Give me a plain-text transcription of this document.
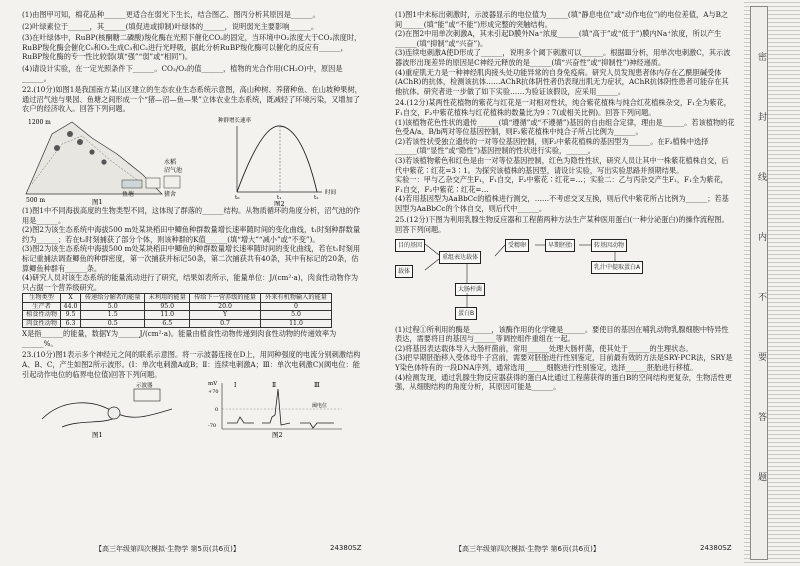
(1)由图甲可知，棉花品种______更适合在弱光下生长，结合图乙、图丙分析其原因是______。

(2)叶绿素位于______，其______(填促进或抑制)叶绿体的______，说明弱光主要影响______。

(3)在叶绿体中，RuBP(核酮糖二磷酸)羧化酶在光照下催化CO₂的固定，当环境中O₂浓度大于CO₂浓度时，RuBP羧化酶会催化C₅和O₂生成C₃和C₂进行光呼吸，据此分析RuBP羧化酶可以催化的反应有______，RuBP羧化酶的专一性比较弱(填“强”“弱”或“相同”)。

(4)请设计实验，在一定光照条件下______。CO₂/O₂的值______，植物的光合作用(CH₂O)中，原因是______。

22.(10分)如图1是我国南方某山区建立的生态农业生态系统示意图，高山种树、养猪种鱼、在山坡种果树，通过沼气池与果园、鱼塘之间形成一个“猪—沼—鱼—果”立体农业生态系统，既减轻了环境污染，又增加了农户的经济收入。回答下列问题。

1200 m
500 m
水稻
沼气池
鱼塘	猪舍
图1
种群增长速率
t₀	t₁	t₂
时间
图2

(1)图1中不同海拔高度的生物类型不同，这体现了群落的______结构。从物质循环的角度分析，沼气池的作用是______。

(2)图2为该生态系统中海拔500 m处某块稻田中鲫鱼种群数量增长速率随时间的变化曲线，t₁时刻种群数量约为______；若在t₂时刻捕获了部分个体，则该种群的K值______(填“增大”“减小”或“不变”)。

(3)图2为该生态系统中海拔500 m处某块稻田中鲫鱼的种群数量增长速率随时间的变化曲线，若在t₁时刻用标记重捕法调查鲫鱼的种群密度，第一次捕获并标记50条，第二次捕获共有40条，其中有标记的20条，估算鲫鱼种群有______条。

(4)研究人员对该生态系统的能量流动进行了研究，结果如表所示，能量单位：J/(cm²·a)，肉食性动物作为只占据一个营养级研究。

生物类型	X	传递给分解者的能量	未利用的能量	传给下一营养级的能量	外来有机物输入的能量
生产者	44.0	5.0	95.0	20.0	0
植食性动物	9.5	1.5	11.0	Y	5.0
肉食性动物	6.3	0.5	6.5	0.7	11.0

X是指______的能量，数据Y为______J/(cm²·a)。能量由植食性动物传递到肉食性动物的传递效率为______%。

23.(10分)图1表示多个神经元之间的联系示意图。将一示波器连接在D上，用同种强度的电流分别刺激结构A、B、C，产生如图2所示波形。(Ⅰ：单次电刺激A或B；Ⅱ：连续电刺激A；Ⅲ：单次电刺激C)(阈电位：能引起动作电位的临界电位值)回答下列问题。

示波器
图1
mV
+70
0
-70
Ⅰ	Ⅱ	Ⅲ
阈电位
图2

(1)图1中未标出刺激时，示波器显示的电位值为______(填“静息电位”或“动作电位”)的电位差值，A与B之间______(填“能”或“不能”)形成完整的突触结构。

(2)在图2中用单次刺激A，其未引起D膜外Na⁺浓度______(填“高于”或“低于”)膜内Na⁺浓度，所以产生______(填“抑制”或“兴奋”)。

(3)连续电刺激A使D形成了______，说明多个阈下刺激可以______。根据Ⅲ分析，用单次电刺激C，其示波器波形出现差异的原因是C神经元释放的是______(填“兴奋性”或“抑制性”)神经递质。

(4)重症肌无力是一种神经肌肉接头处功能异常的自身免疫病。研究人员发现患者体内存在乙酰胆碱受体(AChR)的抗体，检测该抗体……AChR抗体阴性者仍表现出肌无力症状，AChR抗体阴性患者可能存在其他抗体。研究者进一步做了如下实验……为验证该假设，应采用______。

24.(12分)某两性花植物的紫花与红花是一对相对性状，纯合紫花植株与纯合红花植株杂交，F₁全为紫花，F₁自交，F₂中紫花植株与红花植株的数量比为9∶7(或相关比例)。回答下列问题。

(1)该植物花色性状的遗传______(填“遵循”或“不遵循”)基因的自由组合定律，理由是______。若该植物的花色受A/a、B/b两对等位基因控制，则F₂紫花植株中纯合子所占比例为______。

(2)若该性状受独立遗传的一对等位基因控制，则F₂中紫花植株的基因型为______。在F₂植株中选择______(填“显性”或“隐性”)基因控制的性状进行实验，______。

(3)若该植物紫色和红色是由一对等位基因控制，红色为隐性性状，研究人员让其中一株紫花植株自交，后代中紫花∶红花=3∶1。为探究该植株的基因型，请设计实验，写出实验思路并预期结果。

实验一：甲与乙杂交产生F₁，F₁自交，F₂中紫花∶红花=…；实验二：乙与丙杂交产生F₁，F₁全为紫花，F₁自交，F₂中紫花∶红花=…

(4)若用基因型为AaBbCc的植株进行测交，……不考虑交叉互换，则后代中紫花所占比例为______；若基因型为AaBbCc的个体自交，则后代中______。

25.(12分)下图为利用乳腺生物反应器和工程菌两种方法生产某种医用蛋白(一种分泌蛋白)的操作流程图。回答下列问题。

目的基因
载体
重组表达载体
受精卵	早期胚胎	转基因动物
乳汁中提取蛋白A
大肠杆菌
蛋白B

(1)过程①所利用的酶是______，该酶作用的化学键是______。要使目的基因在哺乳动物乳腺细胞中特异性表达，需要将目的基因与______等调控组件重组在一起。

(2)将基因表达载体导入大肠杆菌前，常用______处理大肠杆菌，使其处于______的生理状态。

(3)把早期胚胎移入受体母牛子宫前，需要对胚胎进行性别鉴定，目前最有效的方法是SRY-PCR法，SRY是Y染色体特有的一段DNA序列，通常选用______细胞进行性别鉴定，选择______胚胎进行移植。

(4)检测发现，通过乳腺生物反应器获得的蛋白A比通过工程菌获得的蛋白B的空间结构更复杂，生物活性更强，从细胞结构的角度分析，其原因可能是______。

【高三年级第四次模拟·生物学 第5页(共6页)】	24380SZ	【高三年级第四次模拟·生物学 第6页(共6页)】	24380SZ
密
封
线
内
不
要
答
题
